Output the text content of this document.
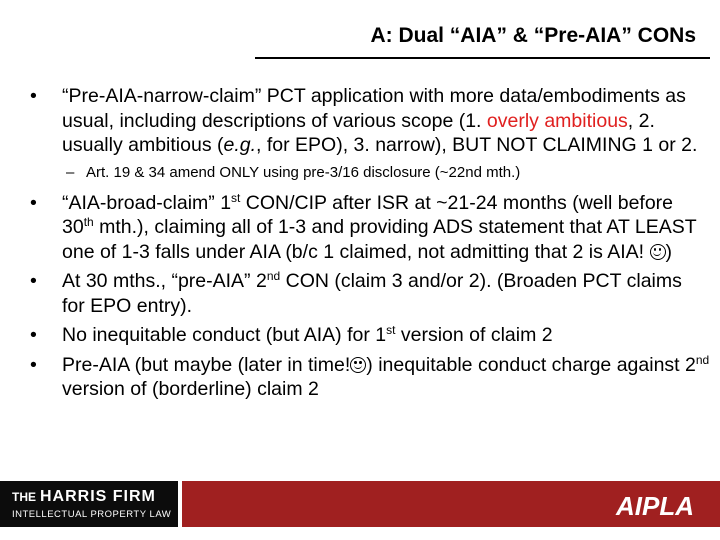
A: Dual “AIA” & “Pre-AIA” CONs
• “Pre-AIA-narrow-claim” PCT application with more data/embodiments as usual, including descriptions of various scope (1. overly ambitious, 2. usually ambitious (e.g., for EPO), 3. narrow), BUT NOT CLAIMING 1 or 2.
– Art. 19 & 34 amend ONLY using pre-3/16 disclosure (~22nd mth.)
• “AIA-broad-claim” 1st CON/CIP after ISR at ~21-24 months (well before 30th mth.), claiming all of 1-3 and providing ADS statement that AT LEAST one of 1-3 falls under AIA (b/c 1 claimed, not admitting that 2 is AIA! )
• At 30 mths., “pre-AIA” 2nd CON (claim 3 and/or 2). (Broaden PCT claims for EPO entry).
• No inequitable conduct (but AIA) for 1st version of claim 2
• Pre-AIA (but maybe (later in time! ) inequitable conduct charge against 2nd version of (borderline) claim 2
THE HARRIS FIRM
INTELLECTUAL PROPERTY LAW	AIPLA
